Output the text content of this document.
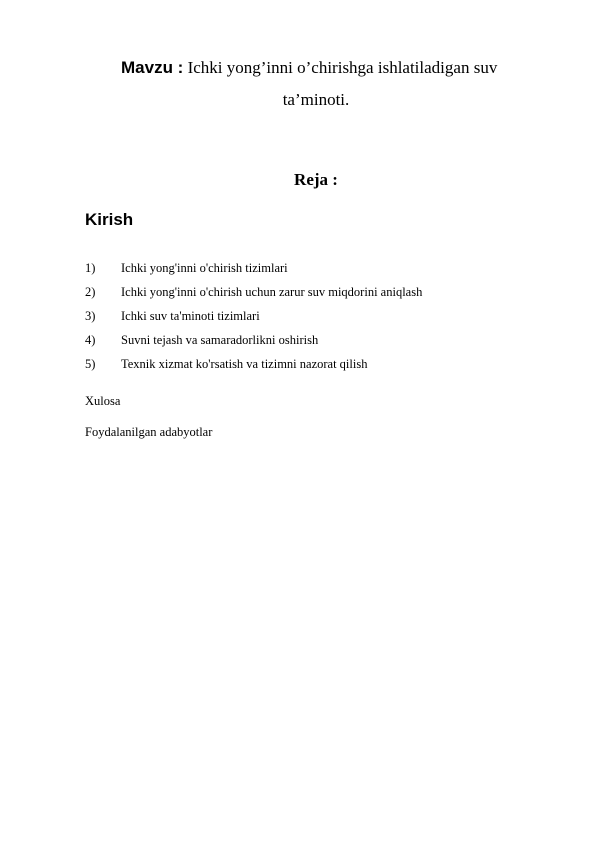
Mavzu : Ichki yong’inni o’chirishga ishlatiladigan suv
ta’minoti.
Reja :
Kirish
1)	Ichki yong'inni o'chirish tizimlari
2)	Ichki yong'inni o'chirish uchun zarur suv miqdorini aniqlash
3)	Ichki suv ta'minoti tizimlari
4)	Suvni tejash va samaradorlikni oshirish
5)	Texnik xizmat ko'rsatish va tizimni nazorat qilish
Xulosa
Foydalanilgan adabyotlar
